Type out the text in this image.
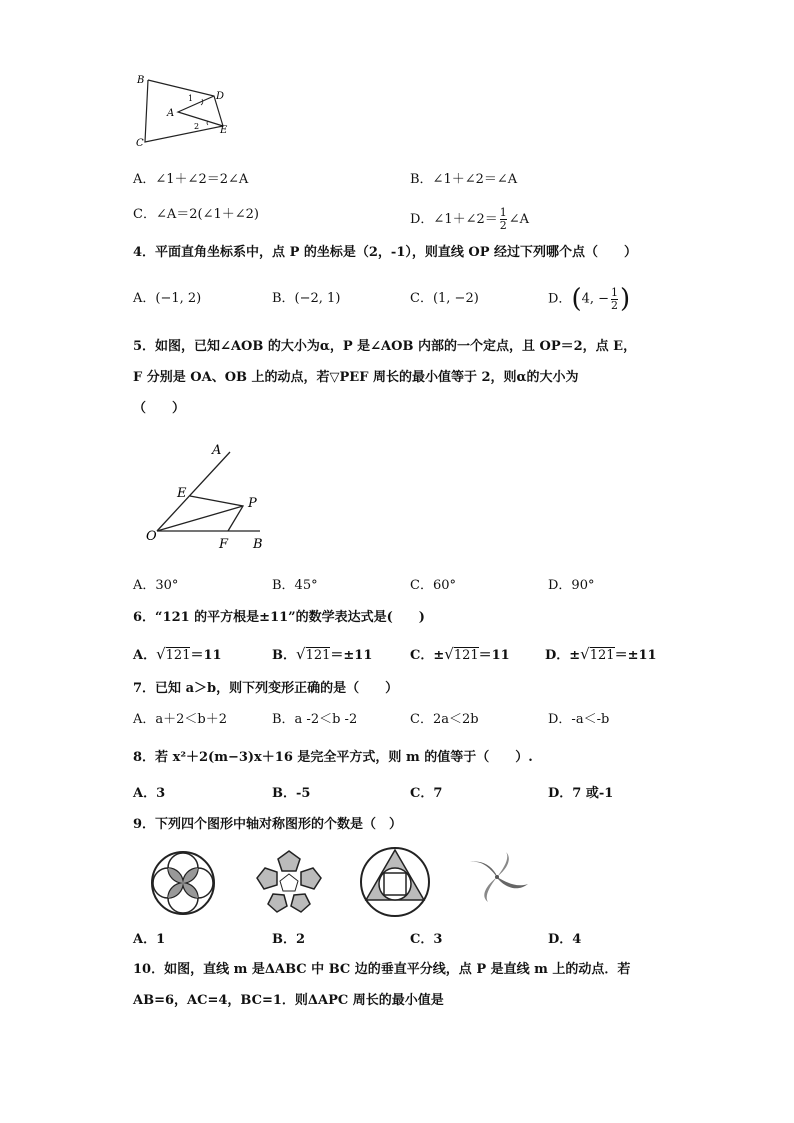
B
C
A
D
E
1
2
A．∠1＋∠2＝2∠A	B．∠1＋∠2＝∠A
C．∠A＝2(∠1＋∠2)	D．∠1＋∠2＝ $\frac{1}{2}$ ∠A
4．平面直角坐标系中，点 P 的坐标是（2，-1），则直线 OP 经过下列哪个点（　　）
A．(−1, 2)	B．(−2, 1)	C．(1, −2)	D．(4, − $\frac{1}{2}$ )
5．如图，已知∠AOB 的大小为α，P 是∠AOB 内部的一个定点，且 OP＝2，点 E，
F 分别是 OA、OB 上的动点，若▽PEF 周长的最小值等于 2，则α的大小为
（　　）
A
E
P
O
F B
A．30°	B．45°	C．60°	D．90°
6．“121 的平方根是±11”的数学表达式是(　　)
A．√121＝11	B．√121＝±11	C．±√121＝11	D．±√121＝±11
7．已知 a＞b，则下列变形正确的是（　　）
A．a＋2＜b＋2	B．a -2＜b -2	C．2a＜2b	D．-a＜-b
8．若 x²＋2(m−3)x＋16 是完全平方式，则 m 的值等于（　　）.
A．3	B．-5	C．7	D．7 或-1
9．下列四个图形中轴对称图形的个数是（　）
A．1	B．2	C．3	D．4
10．如图，直线 m 是ΔABC 中 BC 边的垂直平分线，点 P 是直线 m 上的动点．若
AB=6，AC=4，BC=1．则ΔAPC 周长的最小值是
